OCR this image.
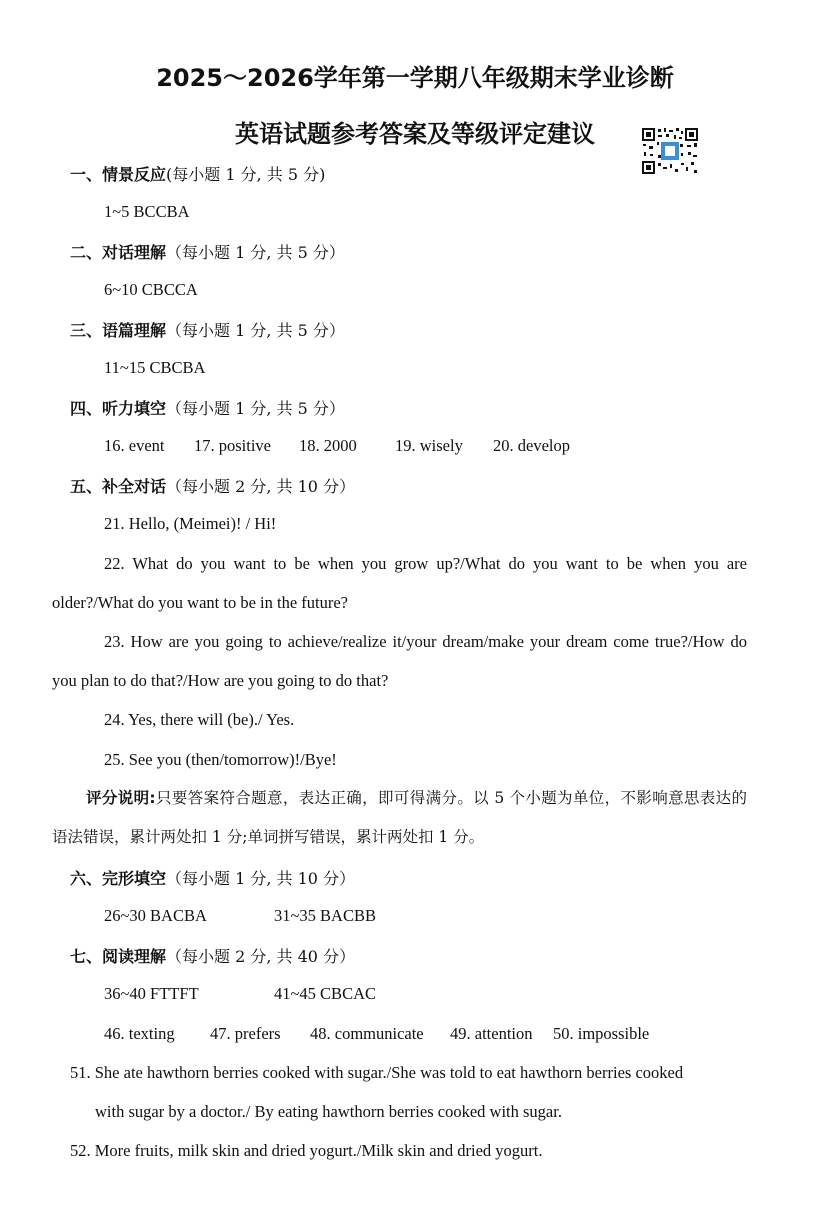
2025～2026学年第一学期八年级期末学业诊断
英语试题参考答案及等级评定建议
一、情景反应(每小题 1 分, 共 5 分)
1~5 BCCBA
二、对话理解（每小题 1 分, 共 5 分）
6~10 CBCCA
三、语篇理解（每小题 1 分, 共 5 分）
11~15 CBCBA
四、听力填空（每小题 1 分, 共 5 分）
16. event 17. positive 18. 2000 19. wisely 20. develop
五、补全对话（每小题 2 分, 共 10 分）
21. Hello, (Meimei)! / Hi!
22. What do you want to be when you grow up?/What do you want to be when you are older?/What do you want to be in the future?
23. How are you going to achieve/realize it/your dream/make your dream come true?/How do you plan to do that?/How are you going to do that?
24. Yes, there will (be)./ Yes.
25. See you (then/tomorrow)!/Bye!
评分说明:只要答案符合题意，表达正确，即可得满分。以 5 个小题为单位，不影响意思表达的语法错误，累计两处扣 1 分;单词拼写错误，累计两处扣 1 分。
六、完形填空（每小题 1 分, 共 10 分）
26~30 BACBA	31~35 BACBB
七、阅读理解（每小题 2 分, 共 40 分）
36~40 FTTFT	41~45 CBCAC
46. texting 47. prefers 48. communicate 49. attention 50. impossible
51. She ate hawthorn berries cooked with sugar./She was told to eat hawthorn berries cooked
with sugar by a doctor./ By eating hawthorn berries cooked with sugar.
52. More fruits, milk skin and dried yogurt./Milk skin and dried yogurt.
